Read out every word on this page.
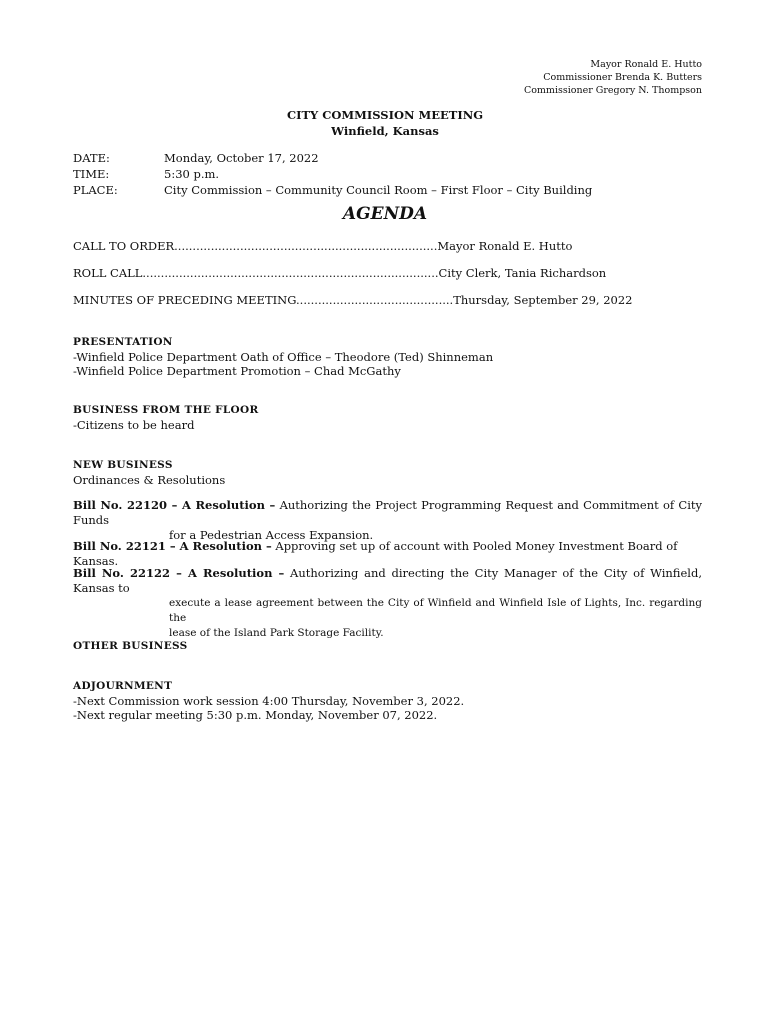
Mayor Ronald E. Hutto
Commissioner Brenda K. Butters
Commissioner Gregory N. Thompson
CITY COMMISSION MEETING
Winfield, Kansas
DATE:	Monday, October 17, 2022
TIME:	5:30 p.m.
PLACE:	City Commission – Community Council Room – First Floor – City Building
AGENDA
CALL TO ORDER........................................................................Mayor Ronald E. Hutto
ROLL CALL.................................................................................City Clerk, Tania Richardson
MINUTES OF PRECEDING MEETING...........................................Thursday, September 29, 2022
PRESENTATION
-Winfield Police Department Oath of Office – Theodore (Ted) Shinneman
-Winfield Police Department Promotion – Chad McGathy
BUSINESS FROM THE FLOOR
-Citizens to be heard
NEW BUSINESS
Ordinances & Resolutions
Bill No. 22120 – A Resolution – Authorizing the Project Programming Request and Commitment of City Funds
for a Pedestrian Access Expansion.
Bill No. 22121 – A Resolution – Approving set up of account with Pooled Money Investment Board of Kansas.
Bill No. 22122 – A Resolution – Authorizing and directing the City Manager of the City of Winfield, Kansas to
execute a lease agreement between the City of Winfield and Winfield Isle of Lights, Inc. regarding the
lease of the Island Park Storage Facility.
OTHER BUSINESS
ADJOURNMENT
-Next Commission work session 4:00 Thursday, November 3, 2022.
-Next regular meeting 5:30 p.m. Monday, November 07, 2022.
